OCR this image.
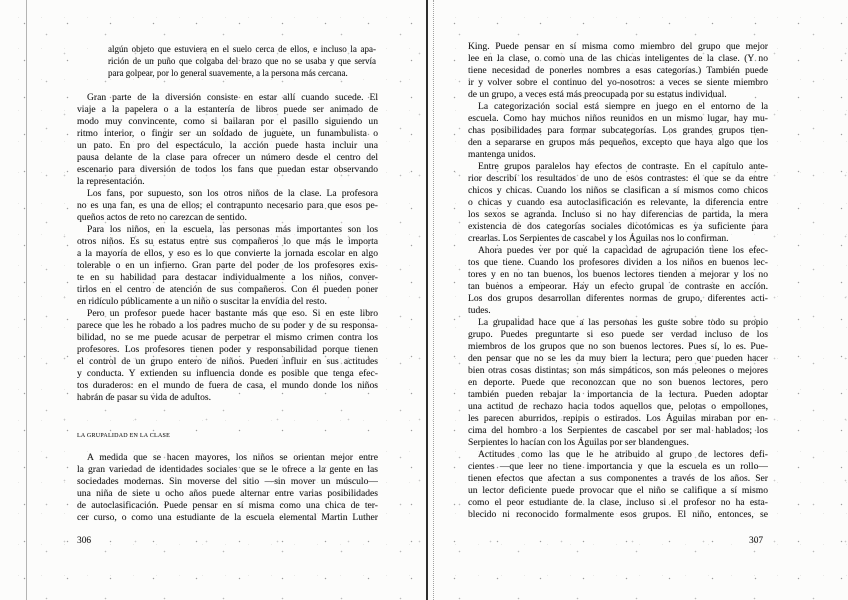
algún objeto que estuviera en el suelo cerca de ellos, e incluso la apa-
rición de un puño que colgaba del brazo que no se usaba y que servía
para golpear, por lo general suavemente, a la persona más cercana.
Gran parte de la diversión consiste en estar allí cuando sucede. El
viaje a la papelera o a la estantería de libros puede ser animado de
modo muy convincente, como si bailaran por el pasillo siguiendo un
ritmo interior, o fingir ser un soldado de juguete, un funambulista o
un pato. En pro del espectáculo, la acción puede hasta incluir una
pausa delante de la clase para ofrecer un número desde el centro del
escenario para diversión de todos los fans que puedan estar observando
la representación.
Los fans, por supuesto, son los otros niños de la clase. La profesora
no es una fan, es una de ellos; el contrapunto necesario para que esos pe-
queños actos de reto no carezcan de sentido.
Para los niños, en la escuela, las personas más importantes son los
otros niños. Es su estatus entre sus compañeros lo que más le importa
a la mayoría de ellos, y eso es lo que convierte la jornada escolar en algo
tolerable o en un infierno. Gran parte del poder de los profesores exis-
te en su habilidad para destacar individualmente a los niños, conver-
tirlos en el centro de atención de sus compañeros. Con él pueden poner
en ridículo públicamente a un niño o suscitar la envidia del resto.
Pero un profesor puede hacer bastante más que eso. Si en este libro
parece que les he robado a los padres mucho de su poder y de su responsa-
bilidad, no se me puede acusar de perpetrar el mismo crimen contra los
profesores. Los profesores tienen poder y responsabilidad porque tienen
el control de un grupo entero de niños. Pueden influir en sus actitudes
y conducta. Y extienden su influencia donde es posible que tenga efec-
tos duraderos: en el mundo de fuera de casa, el mundo donde los niños
habrán de pasar su vida de adultos.
LA GRUPALIDAD EN LA CLASE
A medida que se hacen mayores, los niños se orientan mejor entre
la gran variedad de identidades sociales que se le ofrece a la gente en las
sociedades modernas. Sin moverse del sitio —sin mover un músculo—
una niña de siete u ocho años puede alternar entre varias posibilidades
de autoclasificación. Puede pensar en sí misma como una chica de ter-
cer curso, o como una estudiante de la escuela elemental Martin Luther
306	307
King. Puede pensar en sí misma como miembro del grupo que mejor
lee en la clase, o como una de las chicas inteligentes de la clase. (Y no
tiene necesidad de ponerles nombres a esas categorías.) También puede
ir y volver sobre el continuo del yo-nosotros: a veces se siente miembro
de un grupo, a veces está más preocupada por su estatus individual.
La categorización social está siempre en juego en el entorno de la
escuela. Como hay muchos niños reunidos en un mismo lugar, hay mu-
chas posibilidades para formar subcategorías. Los grandes grupos tien-
den a separarse en grupos más pequeños, excepto que haya algo que los
mantenga unidos.
Entre grupos paralelos hay efectos de contraste. En el capítulo ante-
rior describí los resultados de uno de esos contrastes: el que se da entre
chicos y chicas. Cuando los niños se clasifican a sí mismos como chicos
o chicas y cuando esa autoclasificación es relevante, la diferencia entre
los sexos se agranda. Incluso si no hay diferencias de partida, la mera
existencia de dos categorías sociales dicotómicas es ya suficiente para
crearlas. Los Serpientes de cascabel y los Águilas nos lo confirman.
Ahora puedes ver por qué la capacidad de agrupación tiene los efec-
tos que tiene. Cuando los profesores dividen a los niños en buenos lec-
tores y en no tan buenos, los buenos lectores tienden a mejorar y los no
tan buenos a empeorar. Hay un efecto grupal de contraste en acción.
Los dos grupos desarrollan diferentes normas de grupo, diferentes acti-
tudes.
La grupalidad hace que a las personas les guste sobre todo su propio
grupo. Puedes preguntarte si eso puede ser verdad incluso de los
miembros de los grupos que no son buenos lectores. Pues sí, lo es. Pue-
den pensar que no se les da muy bien la lectura, pero que pueden hacer
bien otras cosas distintas; son más simpáticos, son más peleones o mejores
en deporte. Puede que reconozcan que no son buenos lectores, pero
también pueden rebajar la importancia de la lectura. Pueden adoptar
una actitud de rechazo hacia todos aquellos que, pelotas o empollones,
les parecen aburridos, repipis o estirados. Los Águilas miraban por en-
cima del hombro a los Serpientes de cascabel por ser mal hablados; los
Serpientes lo hacían con los Águilas por ser blandengues.
Actitudes como las que le he atribuido al grupo de lectores defi-
cientes —que leer no tiene importancia y que la escuela es un rollo—
tienen efectos que afectan a sus componentes a través de los años. Ser
un lector deficiente puede provocar que el niño se califique a sí mismo
como el peor estudiante de la clase, incluso si el profesor no ha esta-
blecido ni reconocido formalmente esos grupos. El niño, entonces, se
